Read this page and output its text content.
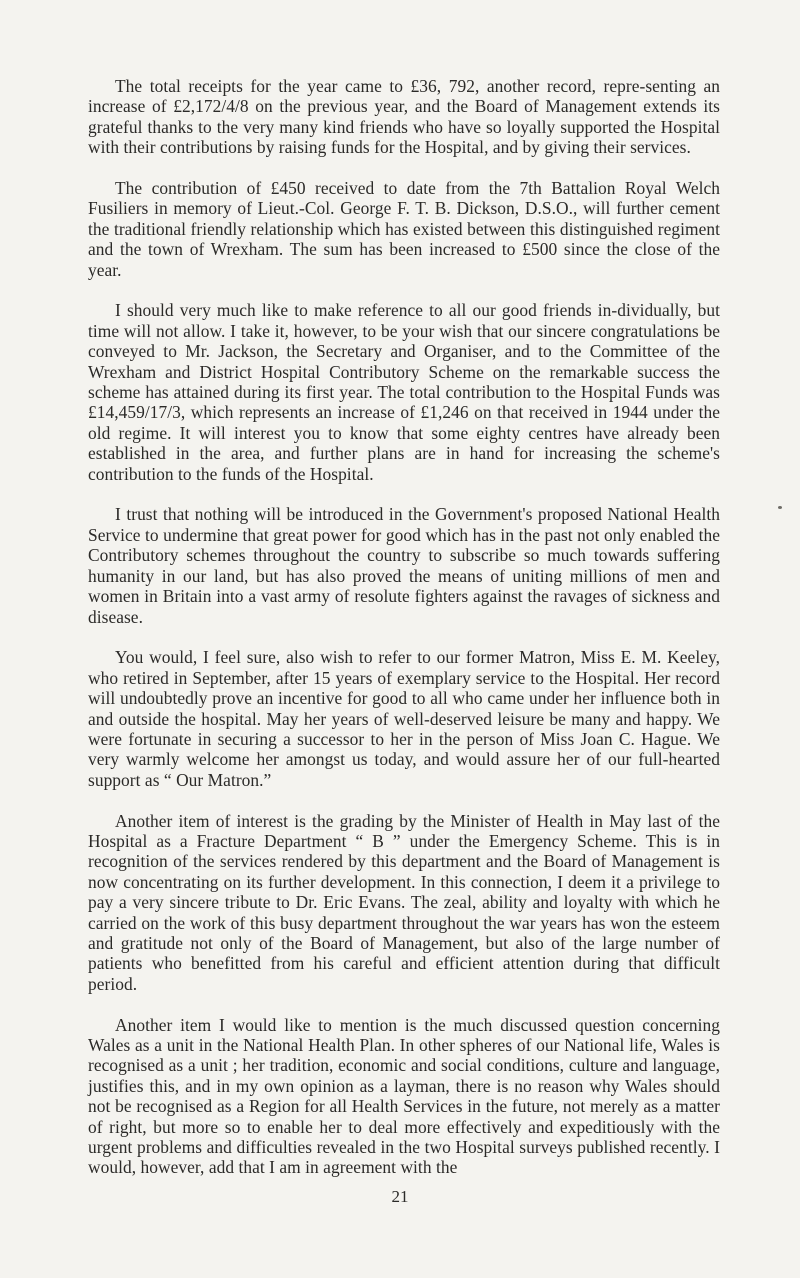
The total receipts for the year came to £36, 792, another record, repre-senting an increase of £2,172/4/8 on the previous year, and the Board of Management extends its grateful thanks to the very many kind friends who have so loyally supported the Hospital with their contributions by raising funds for the Hospital, and by giving their services.

The contribution of £450 received to date from the 7th Battalion Royal Welch Fusiliers in memory of Lieut.-Col. George F. T. B. Dickson, D.S.O., will further cement the traditional friendly relationship which has existed between this distinguished regiment and the town of Wrexham. The sum has been increased to £500 since the close of the year.

I should very much like to make reference to all our good friends in-dividually, but time will not allow. I take it, however, to be your wish that our sincere congratulations be conveyed to Mr. Jackson, the Secretary and Organiser, and to the Committee of the Wrexham and District Hospital Contributory Scheme on the remarkable success the scheme has attained during its first year. The total contribution to the Hospital Funds was £14,459/17/3, which represents an increase of £1,246 on that received in 1944 under the old regime. It will interest you to know that some eighty centres have already been established in the area, and further plans are in hand for increasing the scheme's contribution to the funds of the Hospital.

I trust that nothing will be introduced in the Government's proposed National Health Service to undermine that great power for good which has in the past not only enabled the Contributory schemes throughout the country to subscribe so much towards suffering humanity in our land, but has also proved the means of uniting millions of men and women in Britain into a vast army of resolute fighters against the ravages of sickness and disease.

You would, I feel sure, also wish to refer to our former Matron, Miss E. M. Keeley, who retired in September, after 15 years of exemplary service to the Hospital. Her record will undoubtedly prove an incentive for good to all who came under her influence both in and outside the hospital. May her years of well-deserved leisure be many and happy. We were fortunate in securing a successor to her in the person of Miss Joan C. Hague. We very warmly welcome her amongst us today, and would assure her of our full-hearted support as “ Our Matron.”

Another item of interest is the grading by the Minister of Health in May last of the Hospital as a Fracture Department “ B ” under the Emergency Scheme. This is in recognition of the services rendered by this department and the Board of Management is now concentrating on its further development. In this connection, I deem it a privilege to pay a very sincere tribute to Dr. Eric Evans. The zeal, ability and loyalty with which he carried on the work of this busy department throughout the war years has won the esteem and gratitude not only of the Board of Management, but also of the large number of patients who benefitted from his careful and efficient attention during that difficult period.

Another item I would like to mention is the much discussed question concerning Wales as a unit in the National Health Plan. In other spheres of our National life, Wales is recognised as a unit ; her tradition, economic and social conditions, culture and language, justifies this, and in my own opinion as a layman, there is no reason why Wales should not be recognised as a Region for all Health Services in the future, not merely as a matter of right, but more so to enable her to deal more effectively and expeditiously with the urgent problems and difficulties revealed in the two Hospital surveys published recently. I would, however, add that I am in agreement with the

21
